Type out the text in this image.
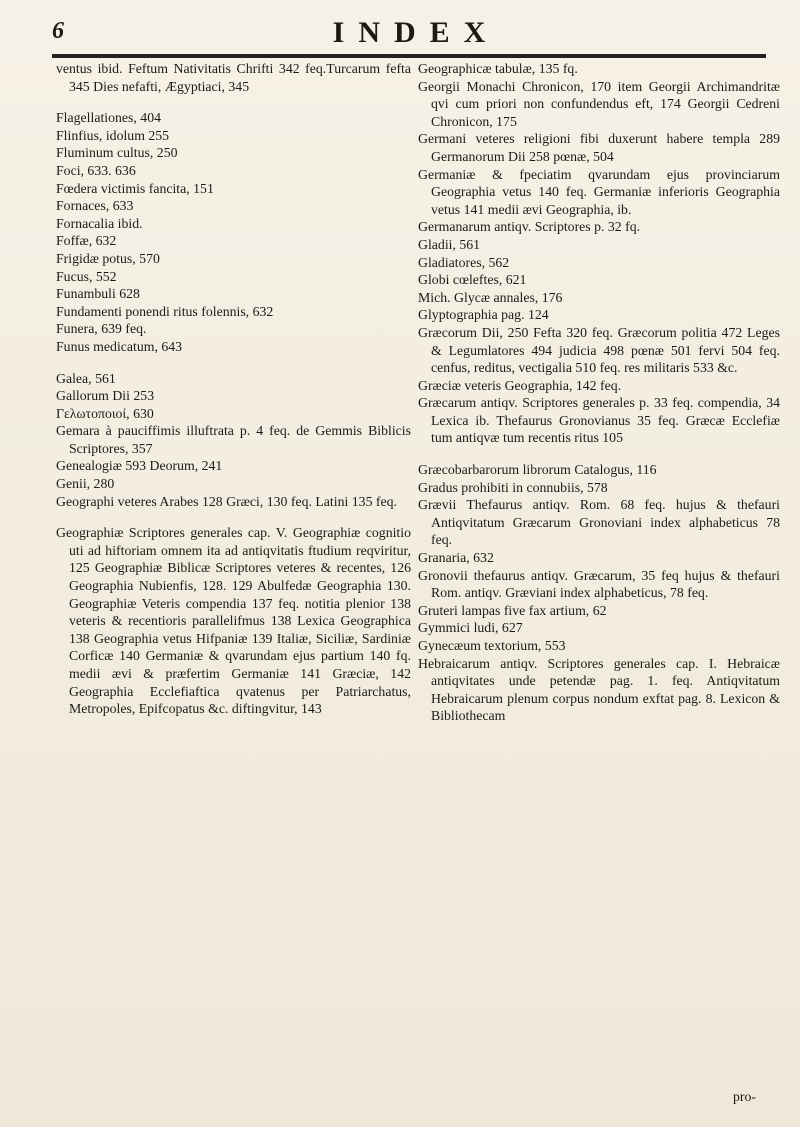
6	INDEX

ventus ibid. Feftum Nativitatis Chrifti 342 feq.Turcarum fefta 345 Dies nefafti, Ægyptiaci, 345

Flagellationes, 404

Flinfius, idolum 255

Fluminum cultus, 250

Foci, 633. 636

Fœdera victimis fancita, 151

Fornaces, 633

Fornacalia ibid.

Foffæ, 632

Frigidæ potus, 570

Fucus, 552

Funambuli 628

Fundamenti ponendi ritus folennis, 632

Funera, 639 feq.

Funus medicatum, 643

Galea, 561

Gallorum Dii 253

Γελωτοποιοί, 630

Gemara à pauciffimis illuftrata p. 4 feq. de Gemmis Biblicis Scriptores, 357

Genealogiæ 593 Deorum, 241

Genii, 280

Geographi veteres Arabes 128 Græci, 130 feq. Latini 135 feq.

Geographiæ Scriptores generales cap. V. Geographiæ cognitio uti ad hiftoriam omnem ita ad antiqvitatis ftudium reqviritur, 125 Geographiæ Biblicæ Scriptores veteres & recentes, 126 Geographia Nubienfis, 128. 129 Abulfedæ Geographia 130. Geographiæ Veteris compendia 137 feq. notitia plenior 138 veteris & recentioris parallelifmus 138 Lexica Geographica 138 Geographia vetus Hifpaniæ 139 Italiæ, Siciliæ, Sardiniæ Corficæ 140 Germaniæ & qvarundam ejus partium 140 fq. medii ævi & præfertim Germaniæ 141 Græciæ, 142 Geographia Ecclefiaftica qvatenus per Patriarchatus, Metropoles, Epifcopatus &c. diftingvitur, 143

Geographicæ tabulæ, 135 fq.

Georgii Monachi Chronicon, 170 item Georgii Archimandritæ qvi cum priori non confundendus eft, 174 Georgii Cedreni Chronicon, 175

Germani veteres religioni fibi duxerunt habere templa 289 Germanorum Dii 258 pœnæ, 504

Germaniæ & fpeciatim qvarundam ejus provinciarum Geographia vetus 140 feq. Germaniæ inferioris Geographia vetus 141 medii ævi Geographia, ib.

Germanarum antiqv. Scriptores p. 32 fq.

Gladii, 561

Gladiatores, 562

Globi cœleftes, 621

Mich. Glycæ annales, 176

Glyptographia pag. 124

Græcorum Dii, 250 Fefta 320 feq. Græcorum politia 472 Leges & Legumlatores 494 judicia 498 pœnæ 501 fervi 504 feq. cenfus, reditus, vectigalia 510 feq. res militaris 533 &c.

Græciæ veteris Geographia, 142 feq.

Græcarum antiqv. Scriptores generales p. 33 feq. compendia, 34 Lexica ib. Thefaurus Gronovianus 35 feq. Græcæ Ecclefiæ tum antiqvæ tum recentis ritus 105

Græcobarbarorum librorum Catalogus, 116

Gradus prohibiti in connubiis, 578

Grævii Thefaurus antiqv. Rom. 68 feq. hujus & thefauri Antiqvitatum Græcarum Gronoviani index alphabeticus 78 feq.

Granaria, 632

Gronovii thefaurus antiqv. Græcarum, 35 feq hujus & thefauri Rom. antiqv. Græviani index alphabeticus, 78 feq.

Gruteri lampas five fax artium, 62

Gymmici ludi, 627

Gynecæum textorium, 553

Hebraicarum antiqv. Scriptores generales cap. I. Hebraicæ antiqvitates unde petendæ pag. 1. feq. Antiqvitatum Hebraicarum plenum corpus nondum exftat pag. 8. Lexicon & Bibliothecam

pro-
